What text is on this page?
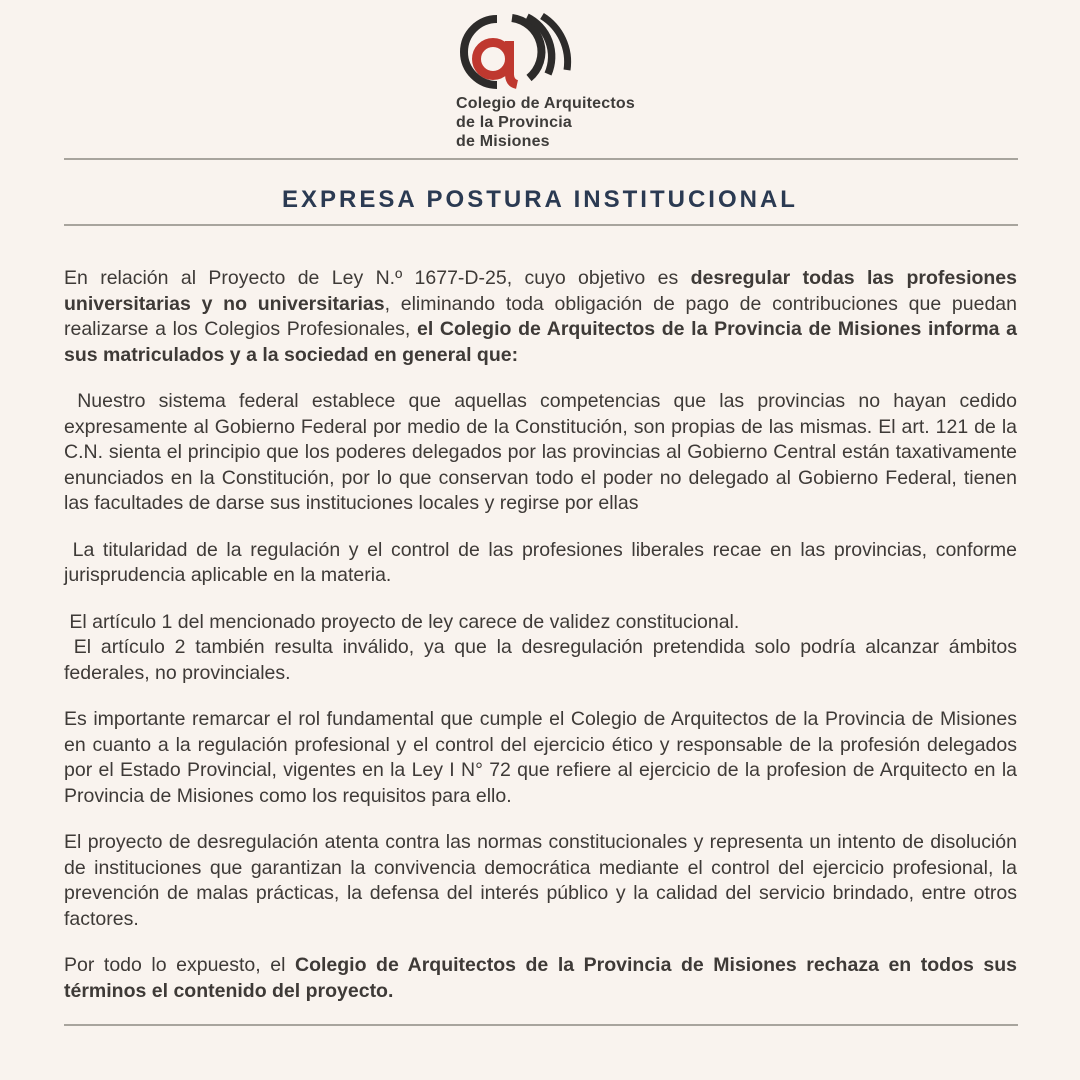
Colegio de Arquitectos
de la Provincia
de Misiones
EXPRESA POSTURA INSTITUCIONAL

En relación al Proyecto de Ley N.º 1677-D-25, cuyo objetivo es desregular todas las profesiones universitarias y no universitarias, eliminando toda obligación de pago de contribuciones que puedan realizarse a los Colegios Profesionales, el Colegio de Arquitectos de la Provincia de Misiones informa a sus matriculados y a la sociedad en general que:

Nuestro sistema federal establece que aquellas competencias que las provincias no hayan cedido expresamente al Gobierno Federal por medio de la Constitución, son propias de las mismas. El art. 121 de la C.N. sienta el principio que los poderes delegados por las provincias al Gobierno Central están taxativamente enunciados en la Constitución, por lo que conservan todo el poder no delegado al Gobierno Federal, tienen las facultades de darse sus instituciones locales y regirse por ellas

La titularidad de la regulación y el control de las profesiones liberales recae en las provincias, conforme jurisprudencia aplicable en la materia.

El artículo 1 del mencionado proyecto de ley carece de validez constitucional.

El artículo 2 también resulta inválido, ya que la desregulación pretendida solo podría alcanzar ámbitos federales, no provinciales.

Es importante remarcar el rol fundamental que cumple el Colegio de Arquitectos de la Provincia de Misiones en cuanto a la regulación profesional y el control del ejercicio ético y responsable de la profesión delegados por el Estado Provincial, vigentes en la Ley I N° 72 que refiere al ejercicio de la profesion de Arquitecto en la Provincia de Misiones como los requisitos para ello.

El proyecto de desregulación atenta contra las normas constitucionales y representa un intento de disolución de instituciones que garantizan la convivencia democrática mediante el control del ejercicio profesional, la prevención de malas prácticas, la defensa del interés público y la calidad del servicio brindado, entre otros factores.

Por todo lo expuesto, el Colegio de Arquitectos de la Provincia de Misiones rechaza en todos sus términos el contenido del proyecto.
